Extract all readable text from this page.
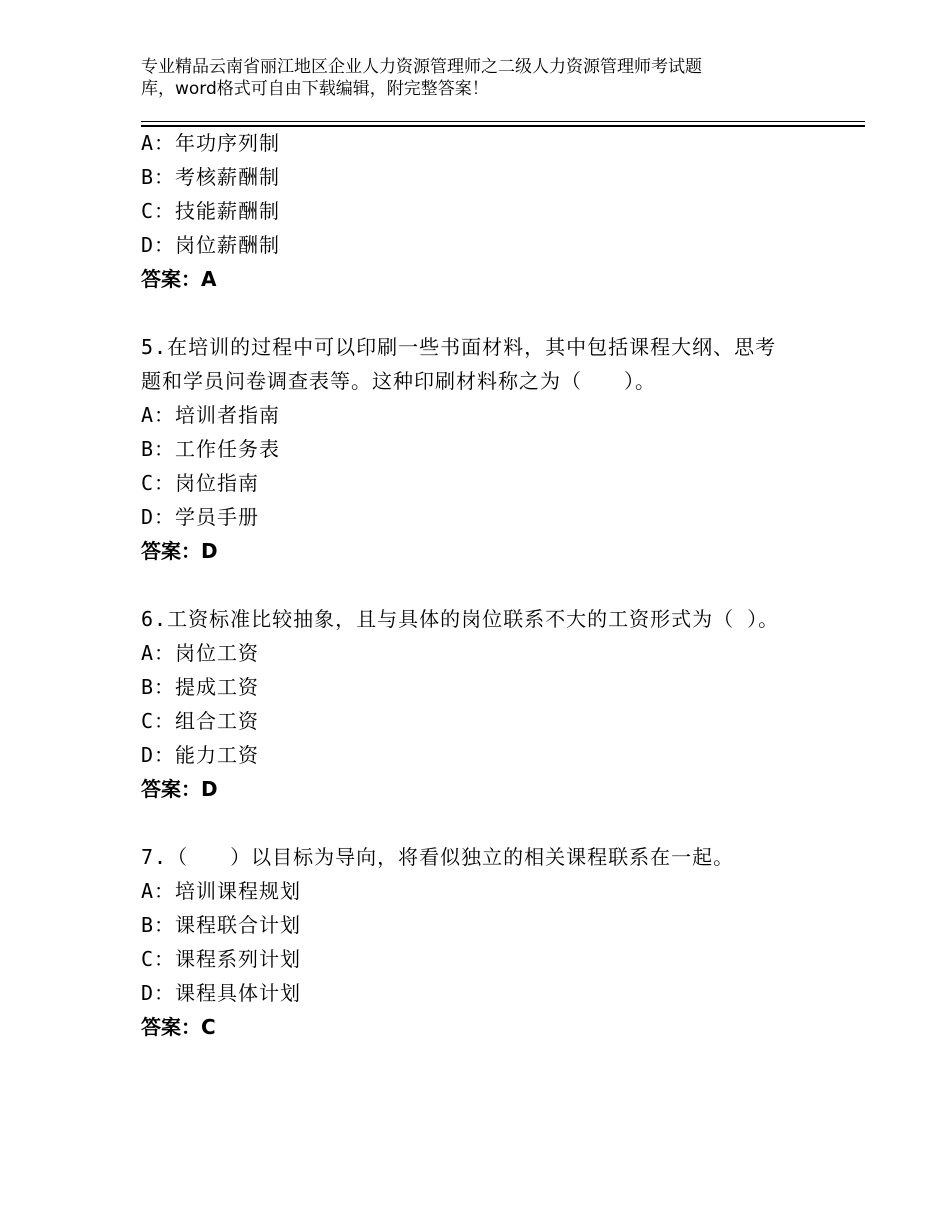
专业精品云南省丽江地区企业人力资源管理师之二级人力资源管理师考试题
库，word格式可自由下载编辑，附完整答案！
A：年功序列制
B：考核薪酬制
C：技能薪酬制
D：岗位薪酬制
答案：A
5.在培训的过程中可以印刷一些书面材料，其中包括课程大纲、思考
题和学员问卷调查表等。这种印刷材料称之为（　　）。
A：培训者指南
B：工作任务表
C：岗位指南
D：学员手册
答案：D
6.工资标准比较抽象，且与具体的岗位联系不大的工资形式为（ ）。
A：岗位工资
B：提成工资
C：组合工资
D：能力工资
答案：D
7.（　　）以目标为导向，将看似独立的相关课程联系在一起。
A：培训课程规划
B：课程联合计划
C：课程系列计划
D：课程具体计划
答案：C
